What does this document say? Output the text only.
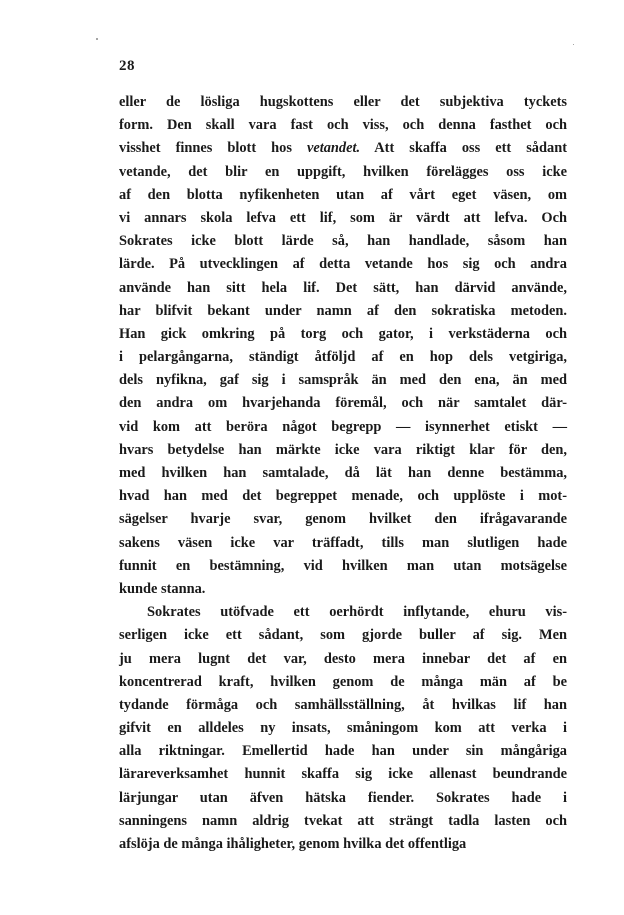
28
eller de lösliga hugskottens eller det subjektiva tyckets
form. Den skall vara fast och viss, och denna fasthet och
visshet finnes blott hos vetandet. Att skaffa oss ett sådant
vetande, det blir en uppgift, hvilken förelägges oss icke
af den blotta nyfikenheten utan af vårt eget väsen, om
vi annars skola lefva ett lif, som är värdt att lefva. Och
Sokrates icke blott lärde så, han handlade, såsom han
lärde. På utvecklingen af detta vetande hos sig och andra
använde han sitt hela lif. Det sätt, han därvid använde,
har blifvit bekant under namn af den sokratiska metoden.
Han gick omkring på torg och gator, i verkstäderna och
i pelargångarna, ständigt åtföljd af en hop dels vetgiriga,
dels nyfikna, gaf sig i samspråk än med den ena, än med
den andra om hvarjehanda föremål, och när samtalet där-
vid kom att beröra något begrepp — isynnerhet etiskt —
hvars betydelse han märkte icke vara riktigt klar för den,
med hvilken han samtalade, då lät han denne bestämma,
hvad han med det begreppet menade, och upplöste i mot-
sägelser hvarje svar, genom hvilket den ifrågavarande
sakens väsen icke var träffadt, tills man slutligen hade
funnit en bestämning, vid hvilken man utan motsägelse
kunde stanna.
Sokrates utöfvade ett oerhördt inflytande, ehuru vis-
serligen icke ett sådant, som gjorde buller af sig. Men
ju mera lugnt det var, desto mera innebar det af en
koncentrerad kraft, hvilken genom de många män af be
tydande förmåga och samhällsställning, åt hvilkas lif han
gifvit en alldeles ny insats, småningom kom att verka i
alla riktningar. Emellertid hade han under sin mångåriga
lärareverksamhet hunnit skaffa sig icke allenast beundrande
lärjungar utan äfven hätska fiender. Sokrates hade i
sanningens namn aldrig tvekat att strängt tadla lasten och
afslöja de många ihåligheter, genom hvilka det offentliga
